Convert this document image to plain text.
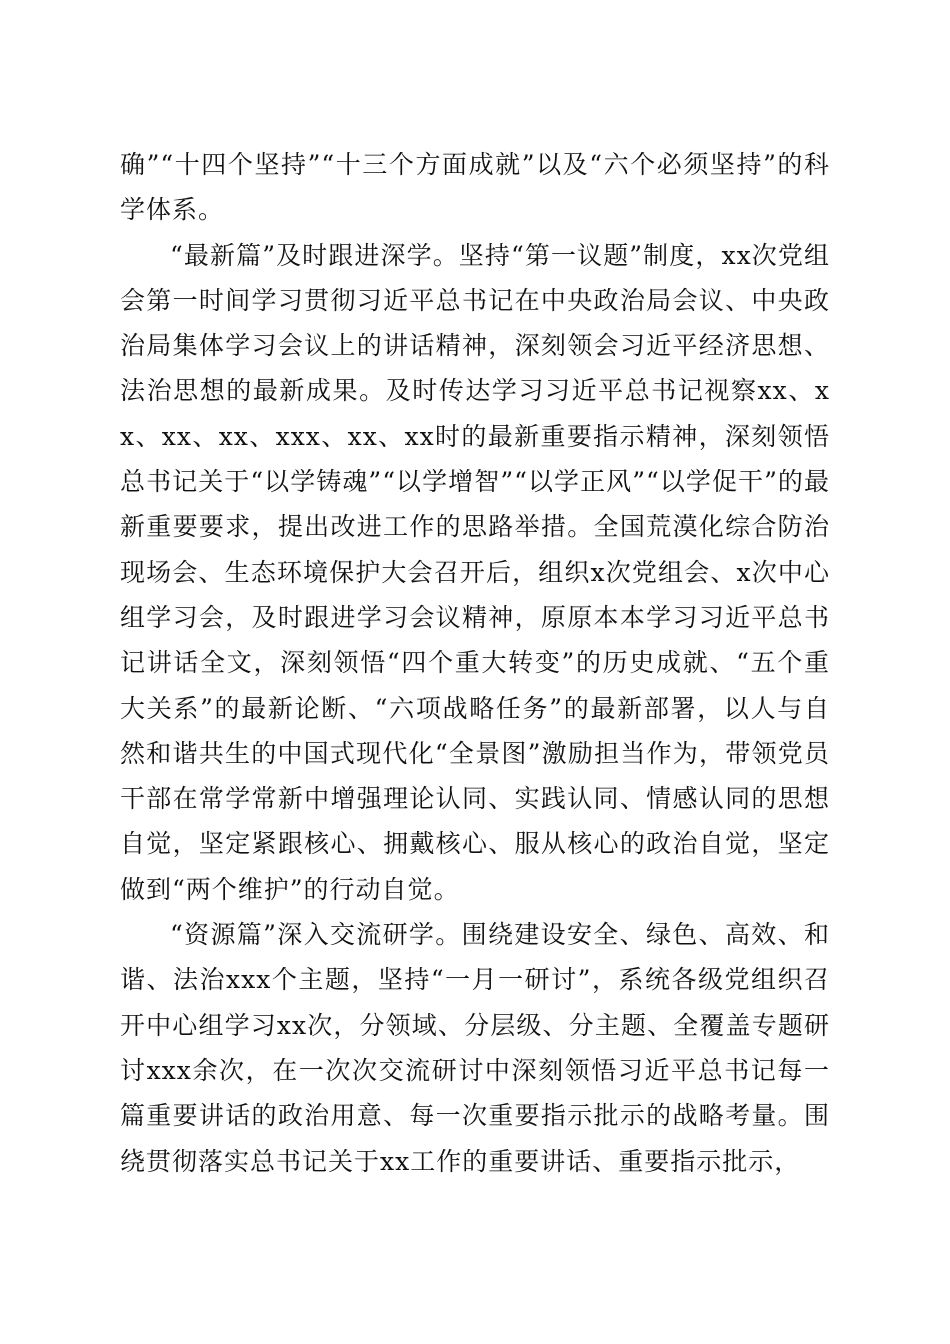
确”“十四个坚持”“十三个方面成就”以及“六个必须坚持”的科学体系。

“最新篇”及时跟进深学。坚持“第一议题”制度，xx次党组会第一时间学习贯彻习近平总书记在中央政治局会议、中央政治局集体学习会议上的讲话精神，深刻领会习近平经济思想、法治思想的最新成果。及时传达学习习近平总书记视察xx、xx、xx、xx、xxx、xx、xx时的最新重要指示精神，深刻领悟总书记关于“以学铸魂”“以学增智”“以学正风”“以学促干”的最新重要要求，提出改进工作的思路举措。全国荒漠化综合防治现场会、生态环境保护大会召开后，组织x次党组会、x次中心组学习会，及时跟进学习会议精神，原原本本学习习近平总书记讲话全文，深刻领悟“四个重大转变”的历史成就、“五个重大关系”的最新论断、“六项战略任务”的最新部署，以人与自然和谐共生的中国式现代化“全景图”激励担当作为，带领党员干部在常学常新中增强理论认同、实践认同、情感认同的思想自觉，坚定紧跟核心、拥戴核心、服从核心的政治自觉，坚定做到“两个维护”的行动自觉。

“资源篇”深入交流研学。围绕建设安全、绿色、高效、和谐、法治xxx个主题，坚持“一月一研讨”，系统各级党组织召开中心组学习xx次，分领域、分层级、分主题、全覆盖专题研讨xxx余次，在一次次交流研讨中深刻领悟习近平总书记每一篇重要讲话的政治用意、每一次重要指示批示的战略考量。围绕贯彻落实总书记关于xx工作的重要讲话、重要指示批示，
